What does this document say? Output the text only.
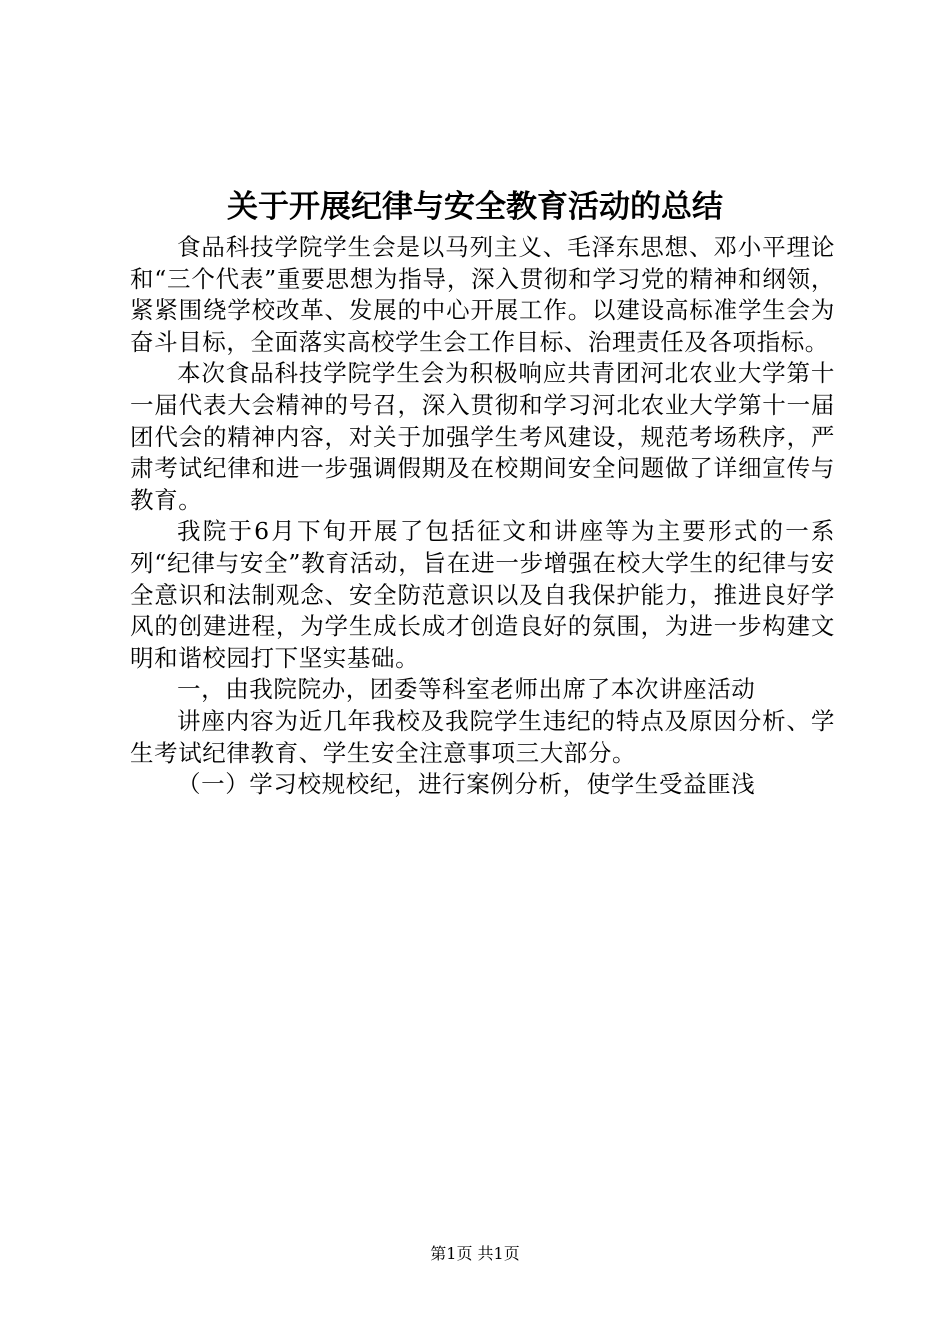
关于开展纪律与安全教育活动的总结

食品科技学院学生会是以马列主义、毛泽东思想、邓小平理论和“三个代表”重要思想为指导，深入贯彻和学习党的精神和纲领，紧紧围绕学校改革、发展的中心开展工作。以建设高标准学生会为奋斗目标，全面落实高校学生会工作目标、治理责任及各项指标。

本次食品科技学院学生会为积极响应共青团河北农业大学第十一届代表大会精神的号召，深入贯彻和学习河北农业大学第十一届团代会的精神内容，对关于加强学生考风建设，规范考场秩序，严肃考试纪律和进一步强调假期及在校期间安全问题做了详细宣传与教育。

我院于6月下旬开展了包括征文和讲座等为主要形式的一系列“纪律与安全”教育活动，旨在进一步增强在校大学生的纪律与安全意识和法制观念、安全防范意识以及自我保护能力，推进良好学风的创建进程，为学生成长成才创造良好的氛围，为进一步构建文明和谐校园打下坚实基础。

一，由我院院办，团委等科室老师出席了本次讲座活动

讲座内容为近几年我校及我院学生违纪的特点及原因分析、学生考试纪律教育、学生安全注意事项三大部分。

（一）学习校规校纪，进行案例分析，使学生受益匪浅

第1页 共1页
